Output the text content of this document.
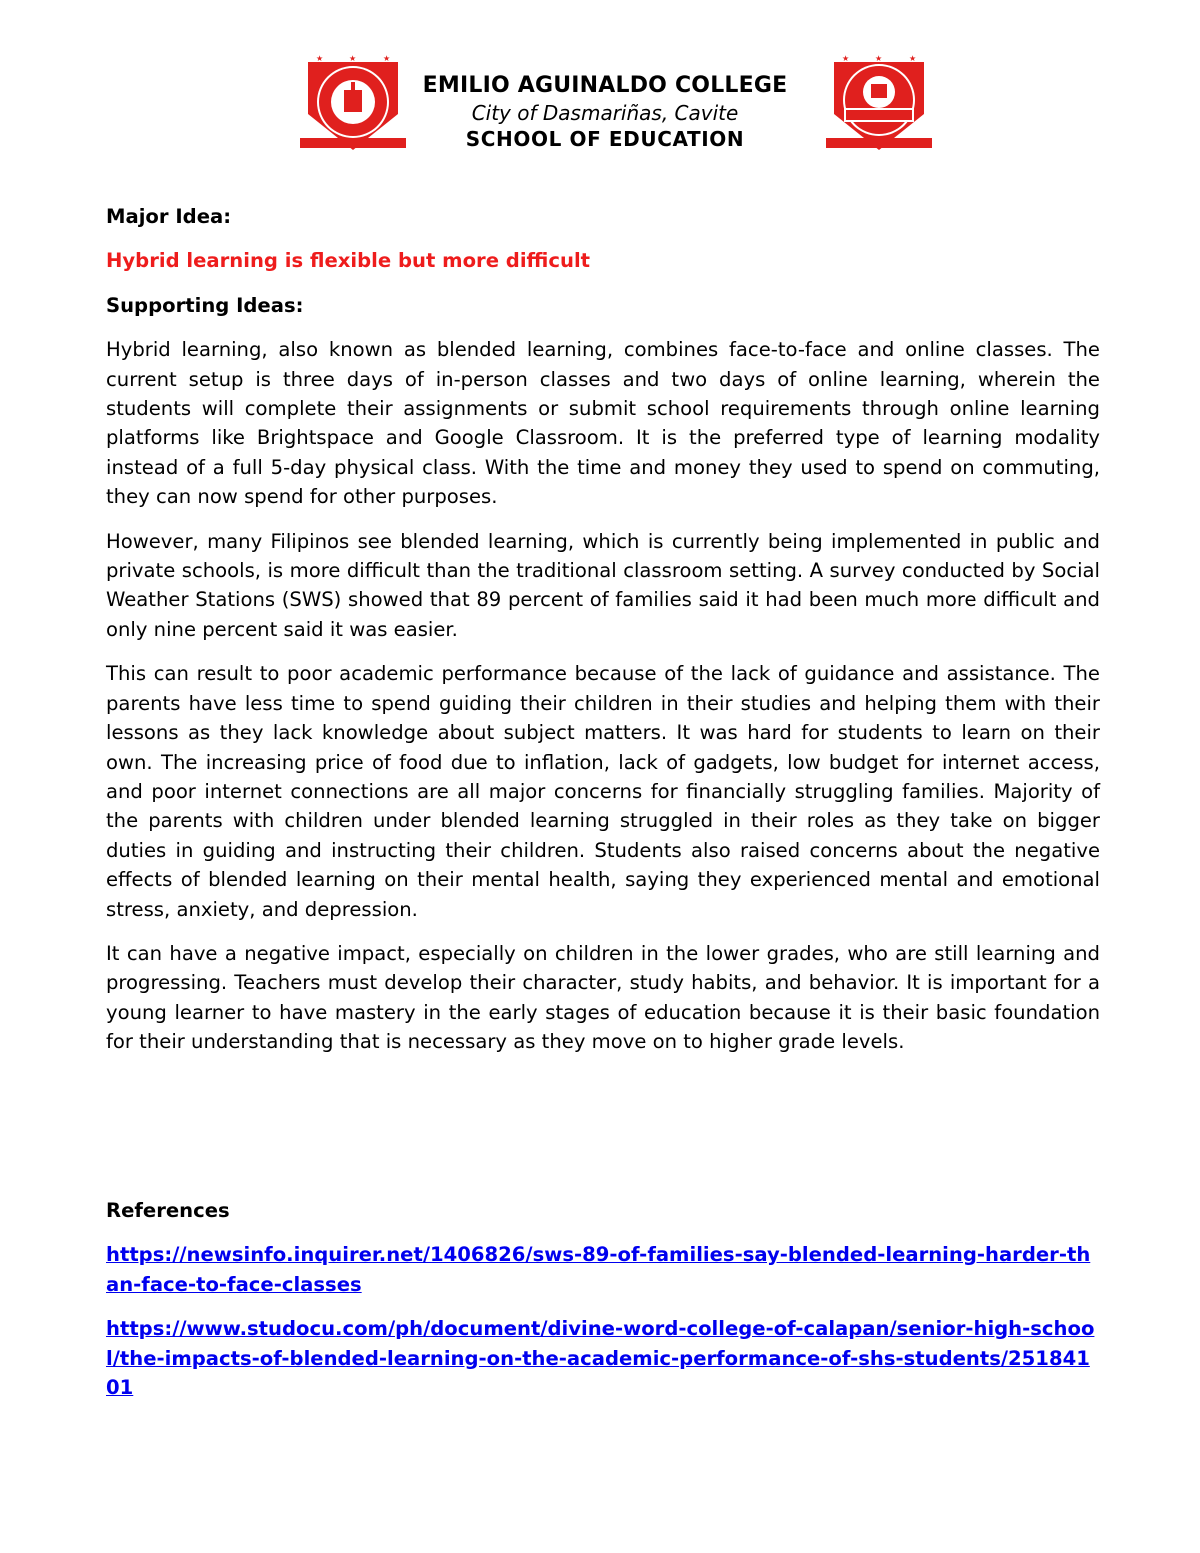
★	★	★
EMILIO AGUINALDO COLLEGE
City of Dasmariñas, Cavite
SCHOOL OF EDUCATION
★	★	★

Major Idea:

Hybrid learning is flexible but more difficult

Supporting Ideas:

Hybrid learning, also known as blended learning, combines face-to-face and online classes. The current setup is three days of in-person classes and two days of online learning, wherein the students will complete their assignments or submit school requirements through online learning platforms like Brightspace and Google Classroom. It is the preferred type of learning modality instead of a full 5-day physical class. With the time and money they used to spend on commuting, they can now spend for other purposes.

However, many Filipinos see blended learning, which is currently being implemented in public and private schools, is more difficult than the traditional classroom setting. A survey conducted by Social Weather Stations (SWS) showed that 89 percent of families said it had been much more difficult and only nine percent said it was easier.

This can result to poor academic performance because of the lack of guidance and assistance. The parents have less time to spend guiding their children in their studies and helping them with their lessons as they lack knowledge about subject matters. It was hard for students to learn on their own. The increasing price of food due to inflation, lack of gadgets, low budget for internet access, and poor internet connections are all major concerns for financially struggling families. Majority of the parents with children under blended learning struggled in their roles as they take on bigger duties in guiding and instructing their children. Students also raised concerns about the negative effects of blended learning on their mental health, saying they experienced mental and emotional stress, anxiety, and depression.

It can have a negative impact, especially on children in the lower grades, who are still learning and progressing. Teachers must develop their character, study habits, and behavior. It is important for a young learner to have mastery in the early stages of education because it is their basic foundation for their understanding that is necessary as they move on to higher grade levels.

References

https://newsinfo.inquirer.net/1406826/sws-89-of-families-say-blended-learning-harder-than-face-to-face-classes
https://www.studocu.com/ph/document/divine-word-college-of-calapan/senior-high-school/the-impacts-of-blended-learning-on-the-academic-performance-of-shs-students/25184101
